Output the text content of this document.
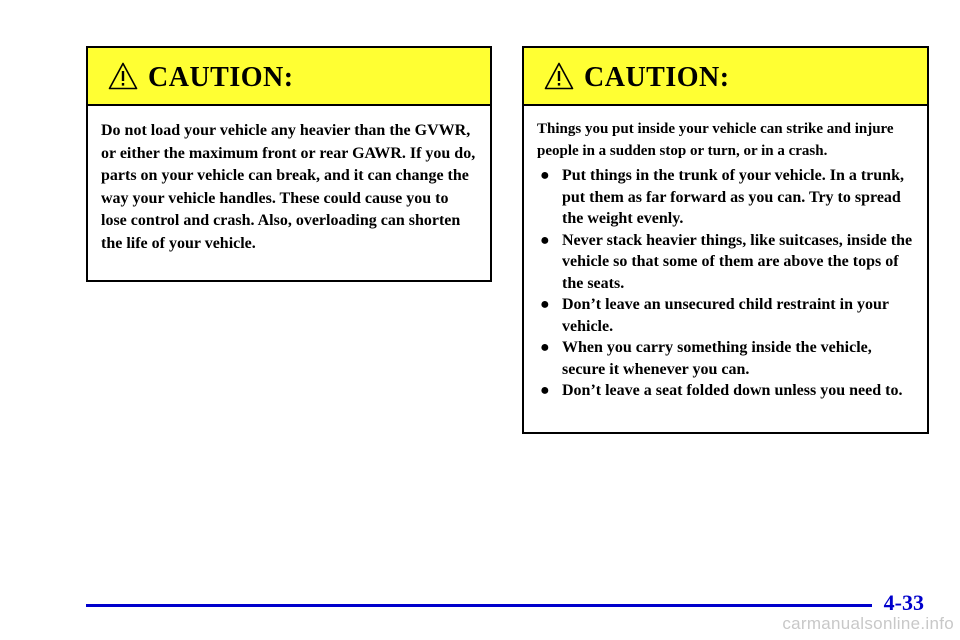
CAUTION:
Do not load your vehicle any heavier than the GVWR, or either the maximum front or rear GAWR. If you do, parts on your vehicle can break, and it can change the way your vehicle handles. These could cause you to lose control and crash. Also, overloading can shorten the life of your vehicle.
CAUTION:

Things you put inside your vehicle can strike and injure people in a sudden stop or turn, or in a crash.

● Put things in the trunk of your vehicle. In a trunk, put them as far forward as you can. Try to spread the weight evenly.
● Never stack heavier things, like suitcases, inside the vehicle so that some of them are above the tops of the seats.
● Don’t leave an unsecured child restraint in your vehicle.
● When you carry something inside the vehicle, secure it whenever you can.
● Don’t leave a seat folded down unless you need to.
4-33
carmanualsonline.info
